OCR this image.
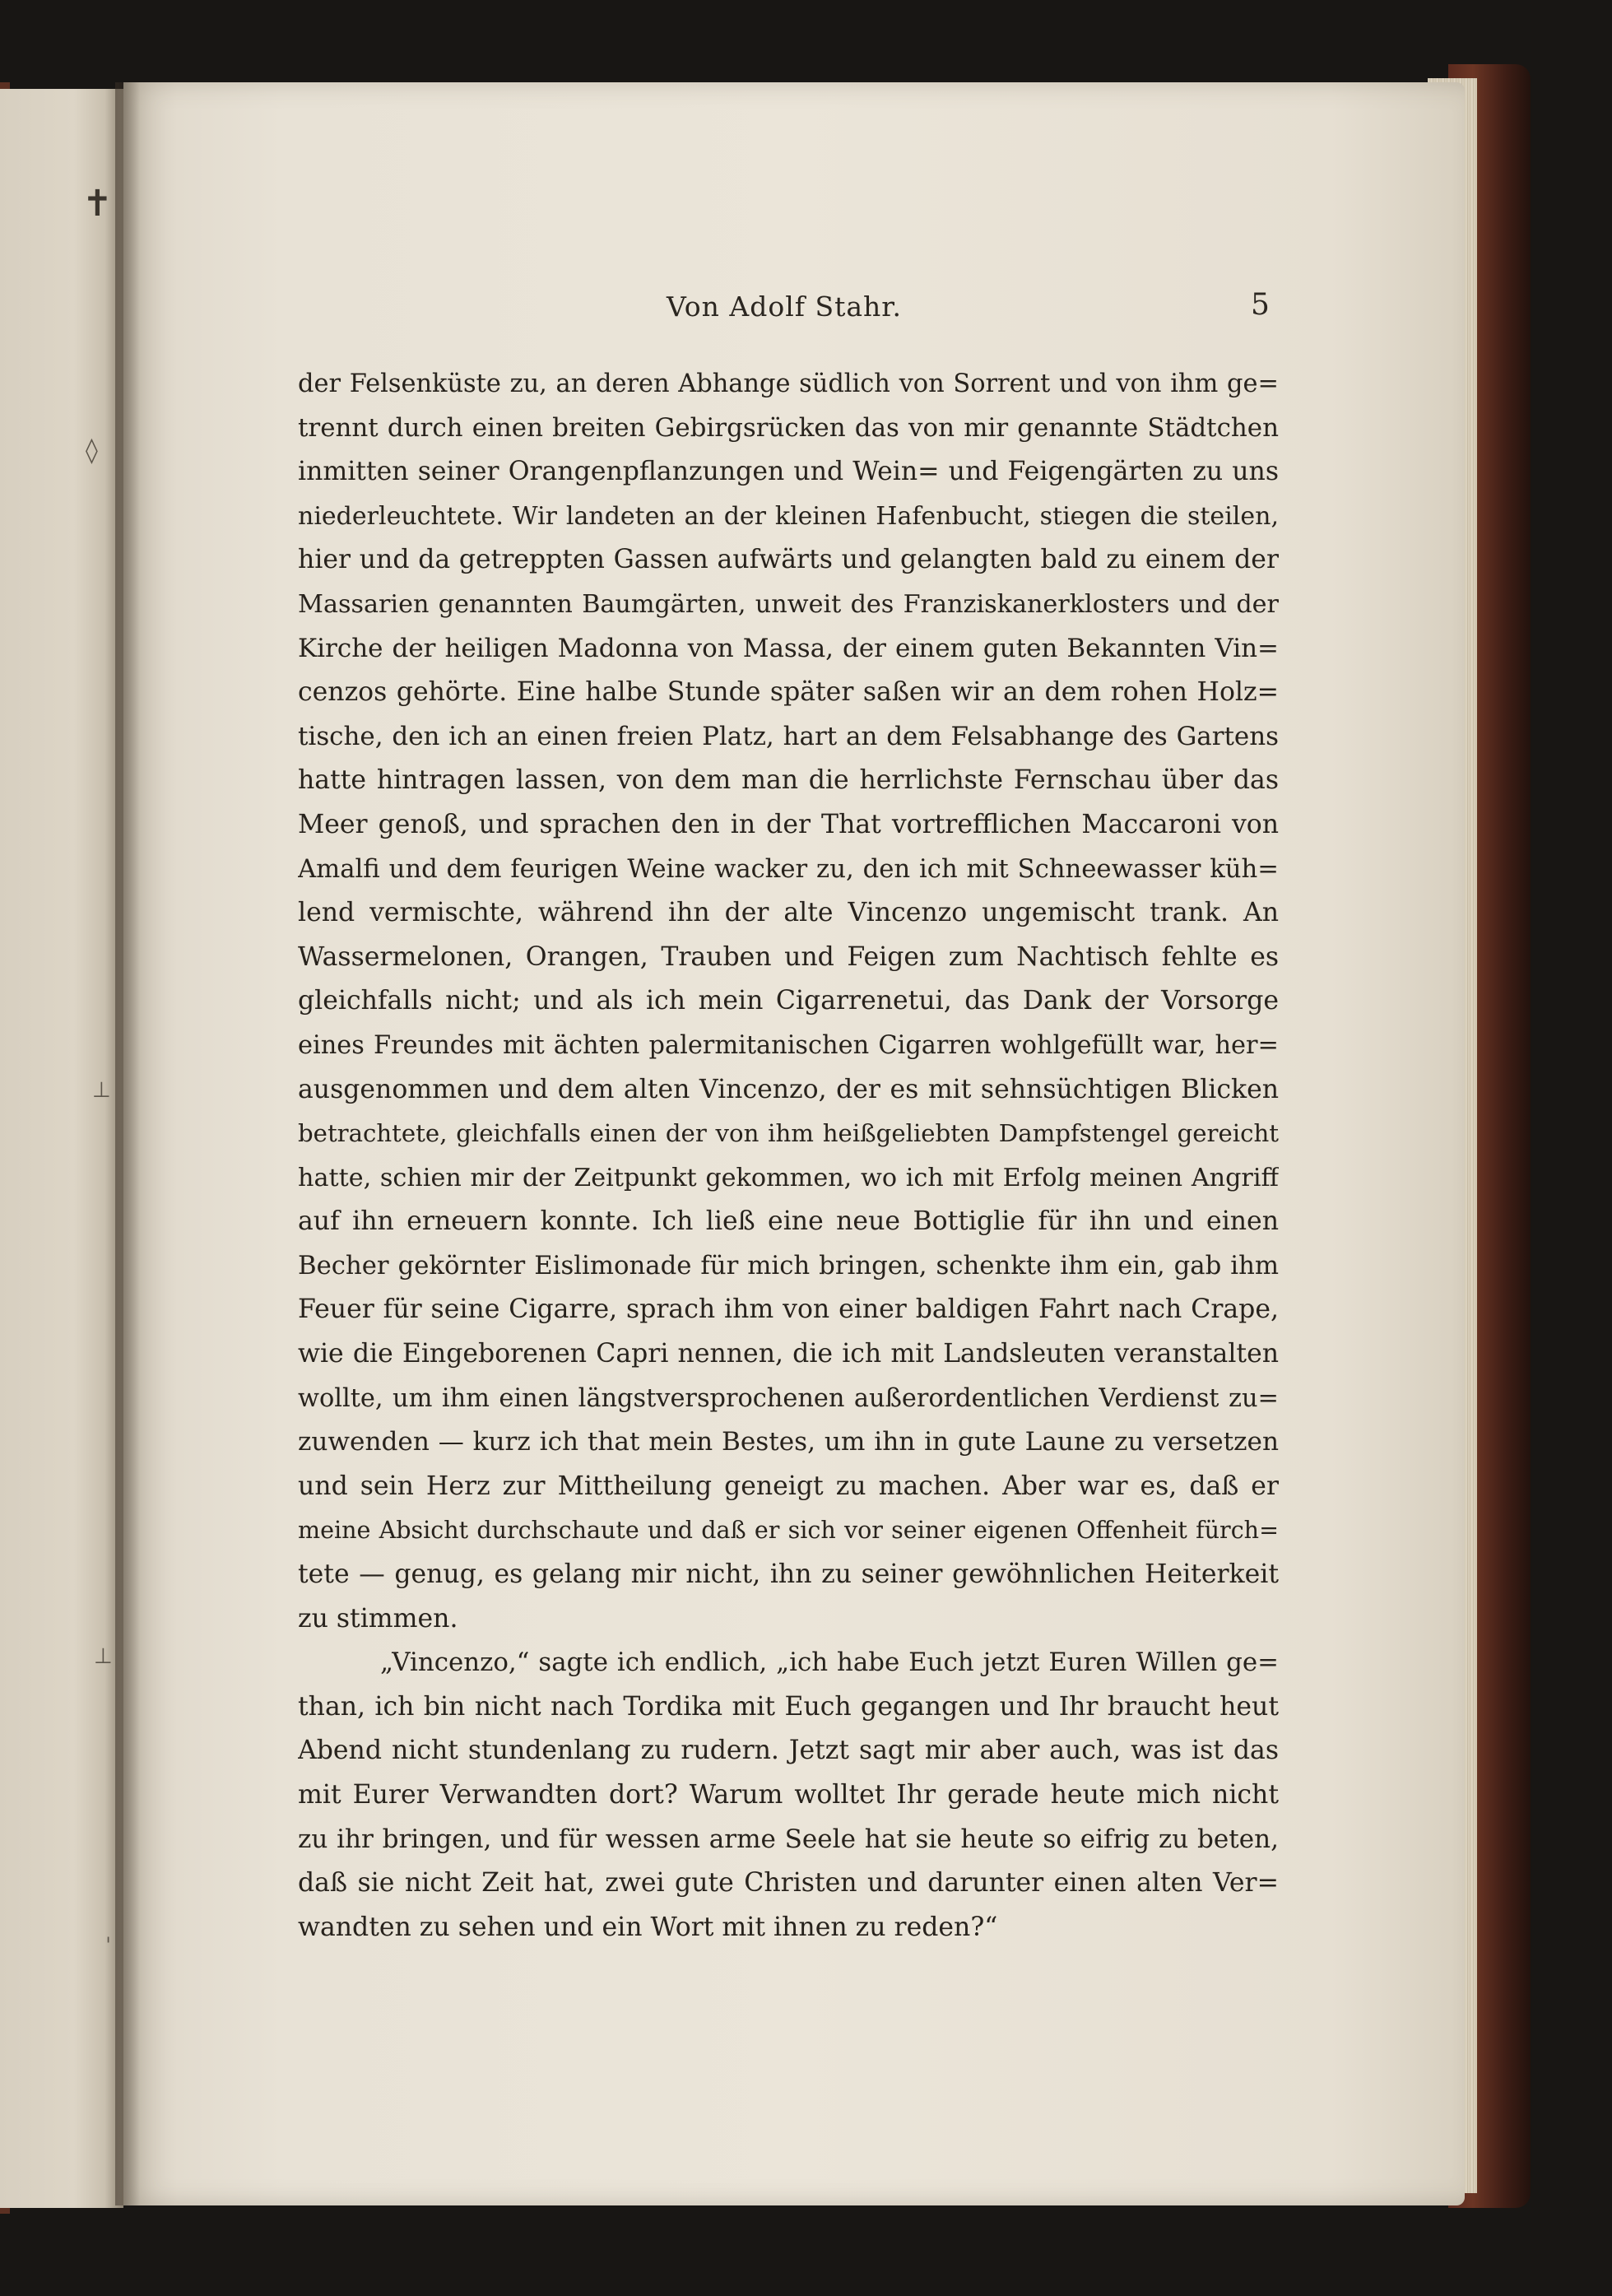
✝
◊
⊥
⊥
ˈ
Von Adolf Stahr.	5
der Felsenküste zu, an deren Abhange südlich von Sorrent und von ihm ge=
trennt durch einen breiten Gebirgsrücken das von mir genannte Städtchen
inmitten seiner Orangenpflanzungen und Wein= und Feigengärten zu uns
niederleuchtete. Wir landeten an der kleinen Hafenbucht, stiegen die steilen,
hier und da getreppten Gassen aufwärts und gelangten bald zu einem der
Massarien genannten Baumgärten, unweit des Franziskanerklosters und der
Kirche der heiligen Madonna von Massa, der einem guten Bekannten Vin=
cenzos gehörte. Eine halbe Stunde später saßen wir an dem rohen Holz=
tische, den ich an einen freien Platz, hart an dem Felsabhange des Gartens
hatte hintragen lassen, von dem man die herrlichste Fernschau über das
Meer genoß, und sprachen den in der That vortrefflichen Maccaroni von
Amalfi und dem feurigen Weine wacker zu, den ich mit Schneewasser küh=
lend vermischte, während ihn der alte Vincenzo ungemischt trank. An
Wassermelonen, Orangen, Trauben und Feigen zum Nachtisch fehlte es
gleichfalls nicht; und als ich mein Cigarrenetui, das Dank der Vorsorge
eines Freundes mit ächten palermitanischen Cigarren wohlgefüllt war, her=
ausgenommen und dem alten Vincenzo, der es mit sehnsüchtigen Blicken
betrachtete, gleichfalls einen der von ihm heißgeliebten Dampfstengel gereicht
hatte, schien mir der Zeitpunkt gekommen, wo ich mit Erfolg meinen Angriff
auf ihn erneuern konnte. Ich ließ eine neue Bottiglie für ihn und einen
Becher gekörnter Eislimonade für mich bringen, schenkte ihm ein, gab ihm
Feuer für seine Cigarre, sprach ihm von einer baldigen Fahrt nach Crape,
wie die Eingeborenen Capri nennen, die ich mit Landsleuten veranstalten
wollte, um ihm einen längstversprochenen außerordentlichen Verdienst zu=
zuwenden — kurz ich that mein Bestes, um ihn in gute Laune zu versetzen
und sein Herz zur Mittheilung geneigt zu machen. Aber war es, daß er
meine Absicht durchschaute und daß er sich vor seiner eigenen Offenheit fürch=
tete — genug, es gelang mir nicht, ihn zu seiner gewöhnlichen Heiterkeit
zu stimmen.
„Vincenzo,“ sagte ich endlich, „ich habe Euch jetzt Euren Willen ge=
than, ich bin nicht nach Tordika mit Euch gegangen und Ihr braucht heut
Abend nicht stundenlang zu rudern. Jetzt sagt mir aber auch, was ist das
mit Eurer Verwandten dort? Warum wolltet Ihr gerade heute mich nicht
zu ihr bringen, und für wessen arme Seele hat sie heute so eifrig zu beten,
daß sie nicht Zeit hat, zwei gute Christen und darunter einen alten Ver=
wandten zu sehen und ein Wort mit ihnen zu reden?“
